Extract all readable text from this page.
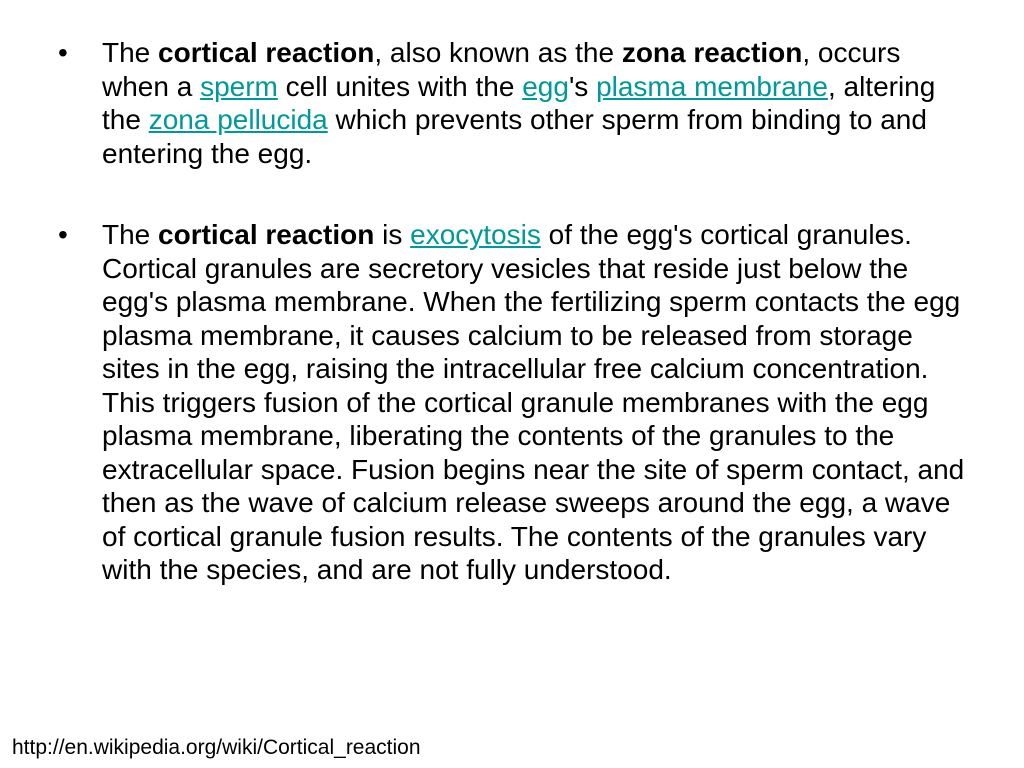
• The cortical reaction, also known as the zona reaction, occurs when a sperm cell unites with the egg's plasma membrane, altering the zona pellucida which prevents other sperm from binding to and entering the egg.
• The cortical reaction is exocytosis of the egg's cortical granules. Cortical granules are secretory vesicles that reside just below the egg's plasma membrane. When the fertilizing sperm contacts the egg plasma membrane, it causes calcium to be released from storage sites in the egg, raising the intracellular free calcium concentration. This triggers fusion of the cortical granule membranes with the egg plasma membrane, liberating the contents of the granules to the extracellular space. Fusion begins near the site of sperm contact, and then as the wave of calcium release sweeps around the egg, a wave of cortical granule fusion results. The contents of the granules vary with the species, and are not fully understood.
http://en.wikipedia.org/wiki/Cortical_reaction
